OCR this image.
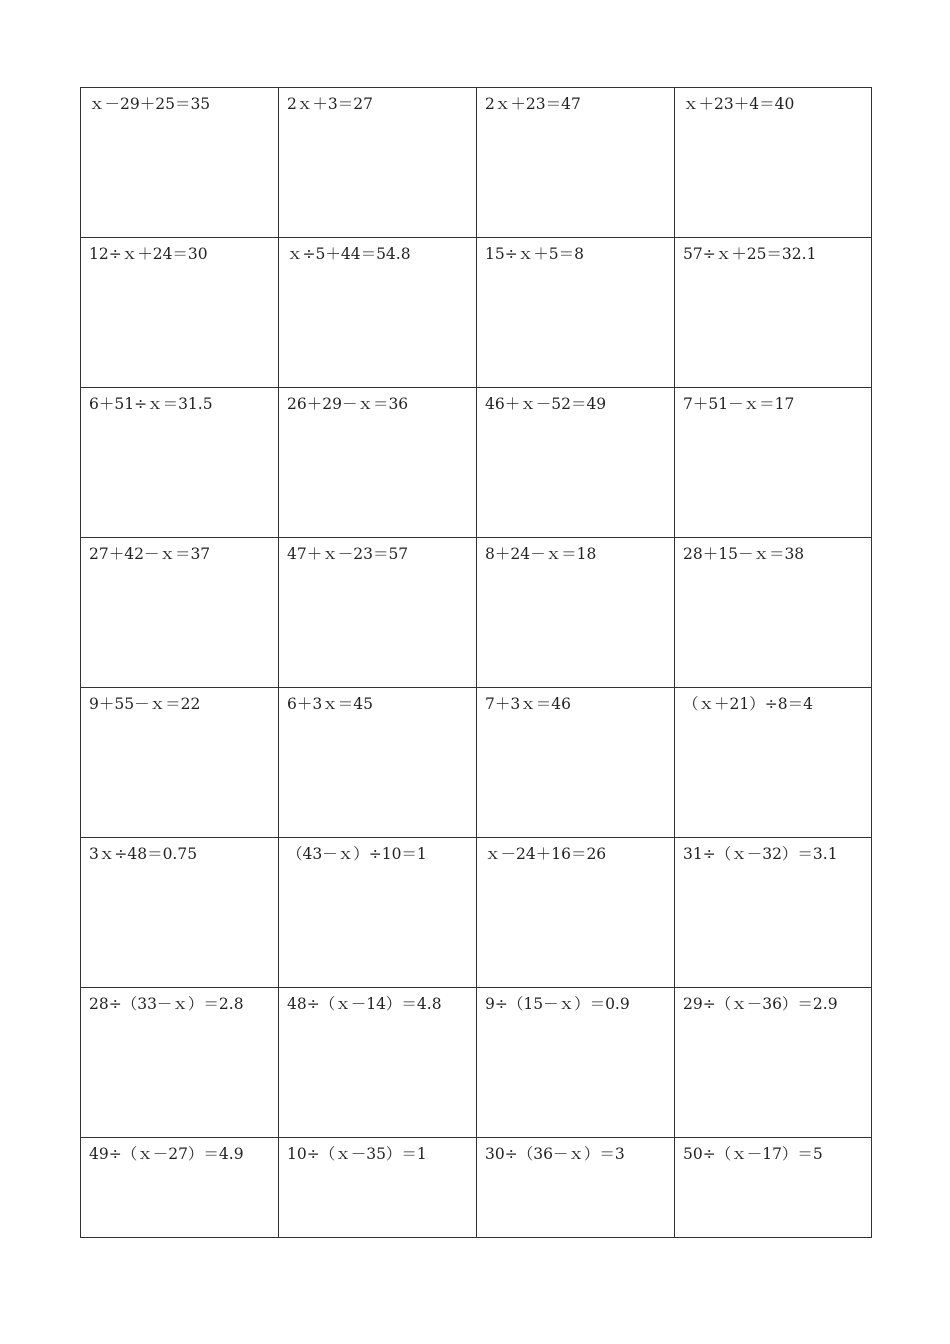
ｘ－29＋25＝35	2ｘ＋3＝27	2ｘ＋23＝47	ｘ＋23＋4＝40
12÷ｘ＋24＝30	ｘ÷5＋44＝54.8	15÷ｘ＋5＝8	57÷ｘ＋25＝32.1
6＋51÷ｘ＝31.5	26＋29－ｘ＝36	46＋ｘ－52＝49	7＋51－ｘ＝17
27＋42－ｘ＝37	47＋ｘ－23＝57	8＋24－ｘ＝18	28＋15－ｘ＝38
9＋55－ｘ＝22	6＋3ｘ＝45	7＋3ｘ＝46	（ｘ＋21）÷8＝4
3ｘ÷48＝0.75	（43－ｘ）÷10＝1	ｘ－24＋16＝26	31÷（ｘ－32）＝3.1
28÷（33－ｘ）＝2.8	48÷（ｘ－14）＝4.8	9÷（15－ｘ）＝0.9	29÷（ｘ－36）＝2.9
49÷（ｘ－27）＝4.9	10÷（ｘ－35）＝1	30÷（36－ｘ）＝3	50÷（ｘ－17）＝5
